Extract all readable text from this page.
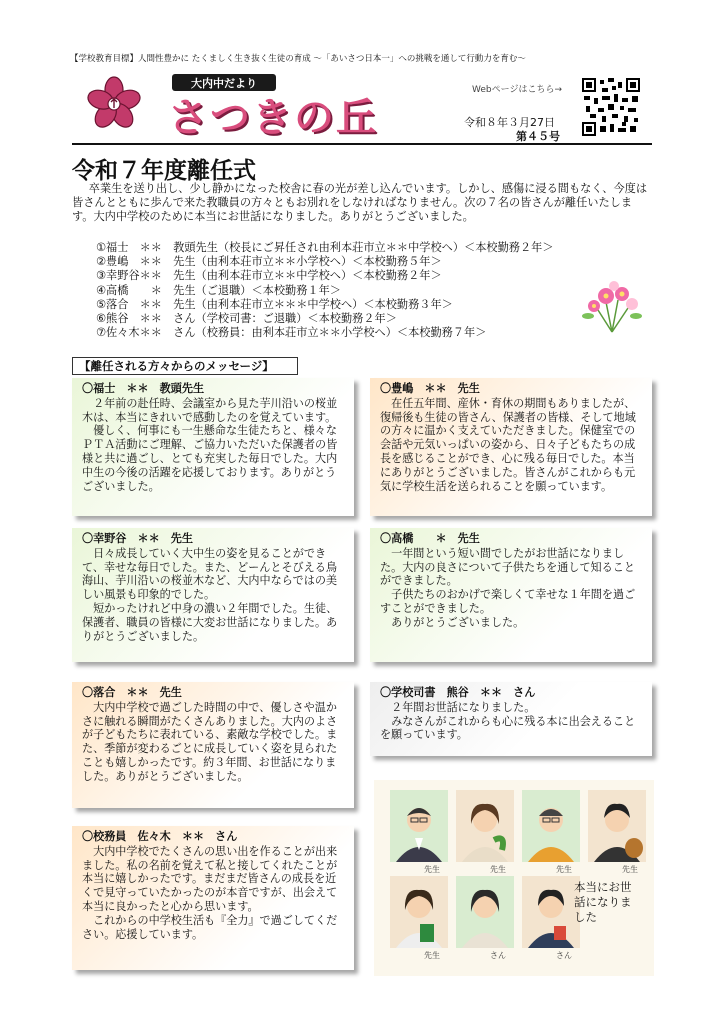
【学校教育目標】人間性豊かに たくましく生き抜く生徒の育成 ～「あいさつ日本一」への挑戦を通して行動力を育む～
大内中だより
さつきの丘
Webページはこちら→
令和８年３月27日
第４５号
令和７年度離任式
卒業生を送り出し、少し静かになった校舎に春の光が差し込んでいます。しかし、感傷に浸る間もなく、今度は皆さんとともに歩んで来た教職員の方々ともお別れをしなければなりません。次の７名の皆さんが離任いたします。大内中学校のために本当にお世話になりました。ありがとうございました。
①福士　＊＊　教頭先生（校長にご昇任され由利本荘市立＊＊中学校へ）＜本校勤務２年＞
②豊嶋　＊＊　先生（由利本荘市立＊＊小学校へ）＜本校勤務５年＞
③幸野谷＊＊　先生（由利本荘市立＊＊中学校へ）＜本校勤務２年＞
④高橋　　＊　先生（ご退職）＜本校勤務１年＞
⑤落合　＊＊　先生（由利本荘市立＊＊＊中学校へ）＜本校勤務３年＞
⑥熊谷　＊＊　さん（学校司書：ご退職）＜本校勤務２年＞
⑦佐々木＊＊　さん（校務員：由利本荘市立＊＊小学校へ）＜本校勤務７年＞
【離任される方々からのメッセージ】
〇福士　＊＊　教頭先生

２年前の赴任時、会議室から見た芋川沿いの桜並木は、本当にきれいで感動したのを覚えています。

優しく、何事にも一生懸命な生徒たちと、様々なＰＴＡ活動にご理解、ご協力いただいた保護者の皆様と共に過ごし、とても充実した毎日でした。大内中生の今後の活躍を応援しております。ありがとうございました。

〇幸野谷　＊＊　先生

日々成長していく大中生の姿を見ることができて、幸せな毎日でした。また、どーんとそびえる鳥海山、芋川沿いの桜並木など、大内中ならではの美しい風景も印象的でした。

短かったけれど中身の濃い２年間でした。生徒、保護者、職員の皆様に大変お世話になりました。ありがとうございました。

〇落合　＊＊　先生

大内中学校で過ごした時間の中で、優しさや温かさに触れる瞬間がたくさんありました。大内のよさが子どもたちに表れている、素敵な学校でした。また、季節が変わるごとに成長していく姿を見られたことも嬉しかったです。約３年間、お世話になりました。ありがとうございました。

〇校務員　佐々木　＊＊　さん

大内中学校でたくさんの思い出を作ることが出来ました。私の名前を覚えて私と接してくれたことが本当に嬉しかったです。まだまだ皆さんの成長を近くで見守っていたかったのが本音ですが、出会えて本当に良かったと心から思います。

これからの中学校生活も『全力』で過ごしてください。応援しています。

〇豊嶋　＊＊　先生

在任五年間、産休・育休の期間もありましたが、復帰後も生徒の皆さん、保護者の皆様、そして地域の方々に温かく支えていただきました。保健室での会話や元気いっぱいの姿から、日々子どもたちの成長を感じることができ、心に残る毎日でした。本当にありがとうございました。皆さんがこれからも元気に学校生活を送られることを願っています。

〇高橋　　＊　先生

一年間という短い間でしたがお世話になりました。大内の良さについて子供たちを通して知ることができました。

子供たちのおかげで楽しくて幸せな１年間を過ごすことができました。

ありがとうございました。

〇学校司書　熊谷　＊＊　さん

２年間お世話になりました。

みなさんがこれからも心に残る本に出会えることを願っています。

先生	先生	先生	先生
先生	さん	さん
本当にお世話になりました
